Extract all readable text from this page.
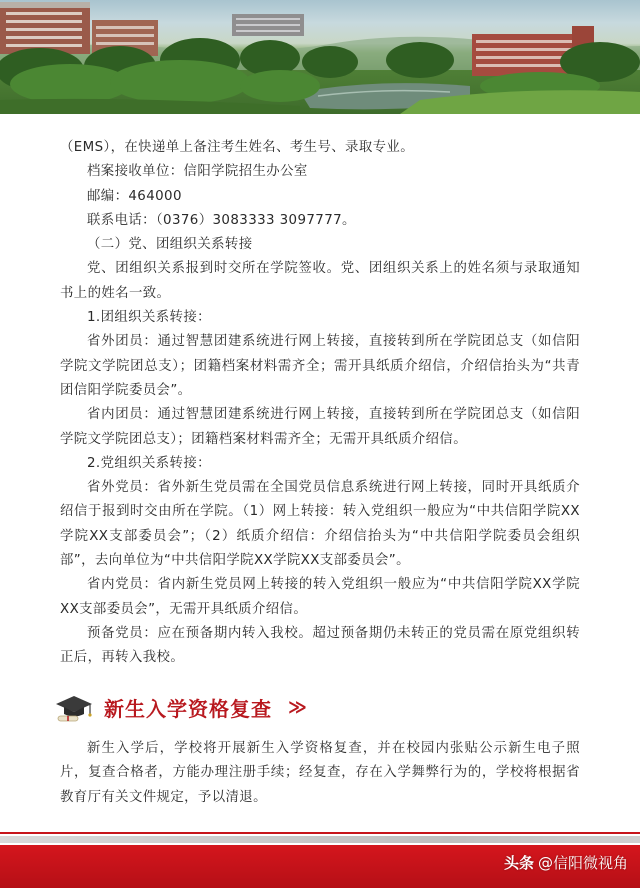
（EMS），在快递单上备注考生姓名、考生号、录取专业。

档案接收单位：信阳学院招生办公室

邮编：464000

联系电话：（0376）3083333 3097777。

（二）党、团组织关系转接

党、团组织关系报到时交所在学院签收。党、团组织关系上的姓名须与录取通知书上的姓名一致。

1.团组织关系转接：

省外团员：通过智慧团建系统进行网上转接，直接转到所在学院团总支（如信阳学院文学院团总支）；团籍档案材料需齐全；需开具纸质介绍信，介绍信抬头为“共青团信阳学院委员会”。

省内团员：通过智慧团建系统进行网上转接，直接转到所在学院团总支（如信阳学院文学院团总支）；团籍档案材料需齐全；无需开具纸质介绍信。

2.党组织关系转接：

省外党员：省外新生党员需在全国党员信息系统进行网上转接，同时开具纸质介绍信于报到时交由所在学院。（1）网上转接：转入党组织一般应为“中共信阳学院XX学院XX支部委员会”；（2）纸质介绍信：介绍信抬头为“中共信阳学院委员会组织部”，去向单位为“中共信阳学院XX学院XX支部委员会”。

省内党员：省内新生党员网上转接的转入党组织一般应为“中共信阳学院XX学院XX支部委员会”，无需开具纸质介绍信。

预备党员：应在预备期内转入我校。超过预备期仍未转正的党员需在原党组织转正后，再转入我校。

新生入学资格复查 ≫

新生入学后，学校将开展新生入学资格复查，并在校园内张贴公示新生电子照片，复查合格者，方能办理注册手续；经复查，存在入学舞弊行为的，学校将根据省教育厅有关文件规定，予以清退。

头条 @信阳微视角
